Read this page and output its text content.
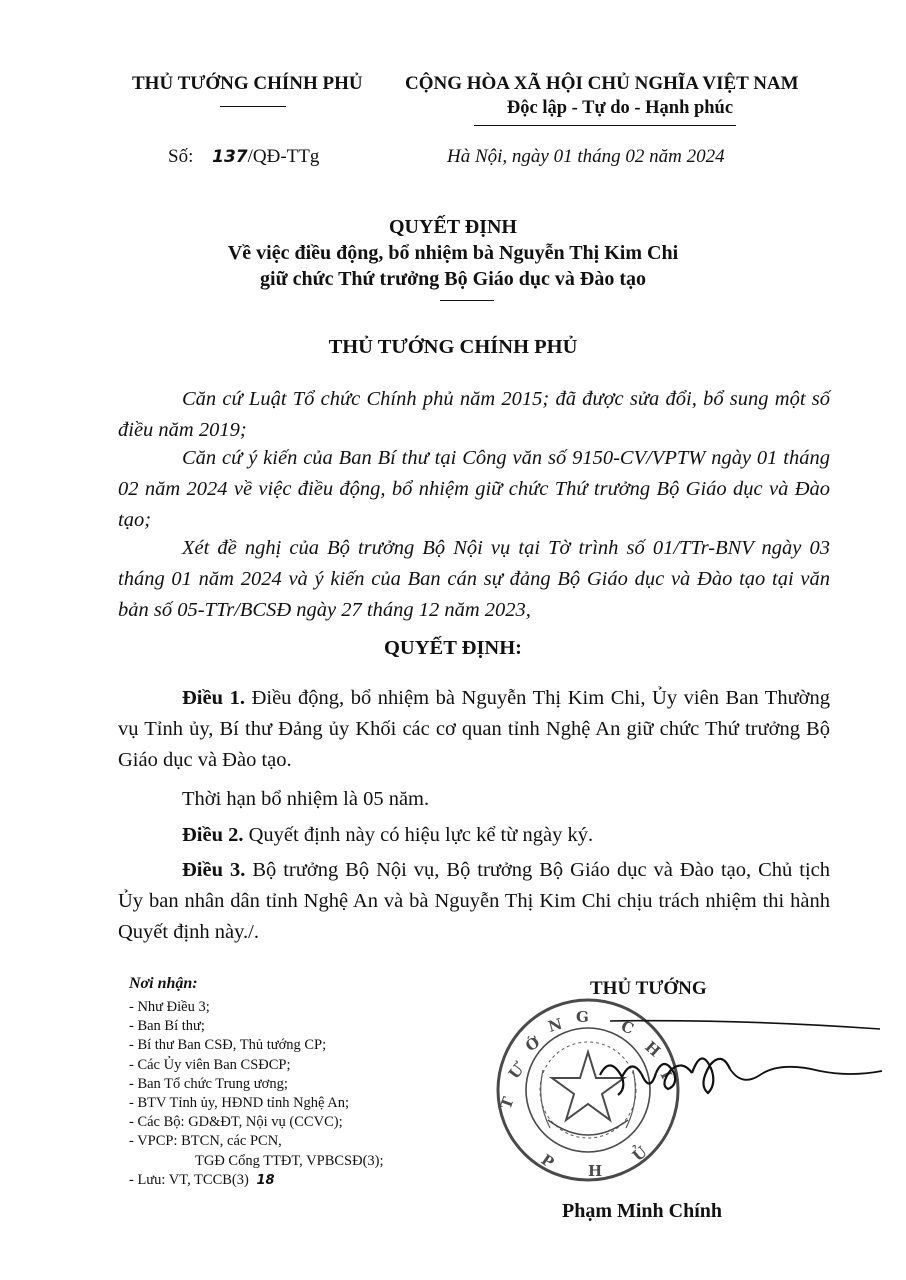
THỦ TƯỚNG CHÍNH PHỦ CỘNG HÒA XÃ HỘI CHỦ NGHĨA VIỆT NAM
Độc lập - Tự do - Hạnh phúc
Số: 137/QĐ-TTg	Hà Nội, ngày 01 tháng 02 năm 2024
QUYẾT ĐỊNH
Về việc điều động, bổ nhiệm bà Nguyễn Thị Kim Chi
giữ chức Thứ trưởng Bộ Giáo dục và Đào tạo
THỦ TƯỚNG CHÍNH PHỦ
Căn cứ Luật Tổ chức Chính phủ năm 2015; đã được sửa đổi, bổ sung một số điều năm 2019;
Căn cứ ý kiến của Ban Bí thư tại Công văn số 9150-CV/VPTW ngày 01 tháng 02 năm 2024 về việc điều động, bổ nhiệm giữ chức Thứ trưởng Bộ Giáo dục và Đào tạo;
Xét đề nghị của Bộ trưởng Bộ Nội vụ tại Tờ trình số 01/TTr-BNV ngày 03 tháng 01 năm 2024 và ý kiến của Ban cán sự đảng Bộ Giáo dục và Đào tạo tại văn bản số 05-TTr/BCSĐ ngày 27 tháng 12 năm 2023,
QUYẾT ĐỊNH:
Điều 1. Điều động, bổ nhiệm bà Nguyễn Thị Kim Chi, Ủy viên Ban Thường vụ Tỉnh ủy, Bí thư Đảng ủy Khối các cơ quan tỉnh Nghệ An giữ chức Thứ trưởng Bộ Giáo dục và Đào tạo.
Thời hạn bổ nhiệm là 05 năm.
Điều 2. Quyết định này có hiệu lực kể từ ngày ký.
Điều 3. Bộ trưởng Bộ Nội vụ, Bộ trưởng Bộ Giáo dục và Đào tạo, Chủ tịch Ủy ban nhân dân tỉnh Nghệ An và bà Nguyễn Thị Kim Chi chịu trách nhiệm thi hành Quyết định này./.
Nơi nhận:
- Như Điều 3;
- Ban Bí thư;
- Bí thư Ban CSĐ, Thủ tướng CP;
- Các Ủy viên Ban CSĐCP;
- Ban Tổ chức Trung ương;
- BTV Tỉnh ủy, HĐND tỉnh Nghệ An;
- Các Bộ: GD&ĐT, Nội vụ (CCVC);
- VPCP: BTCN, các PCN,
TGĐ Cổng TTĐT, VPBCSĐ(3);
- Lưu: VT, TCCB(3) 18
THỦ TƯỚNG
T
Ư
Ớ
N G
C
H
Í
Ủ
H
P
Phạm Minh Chính
